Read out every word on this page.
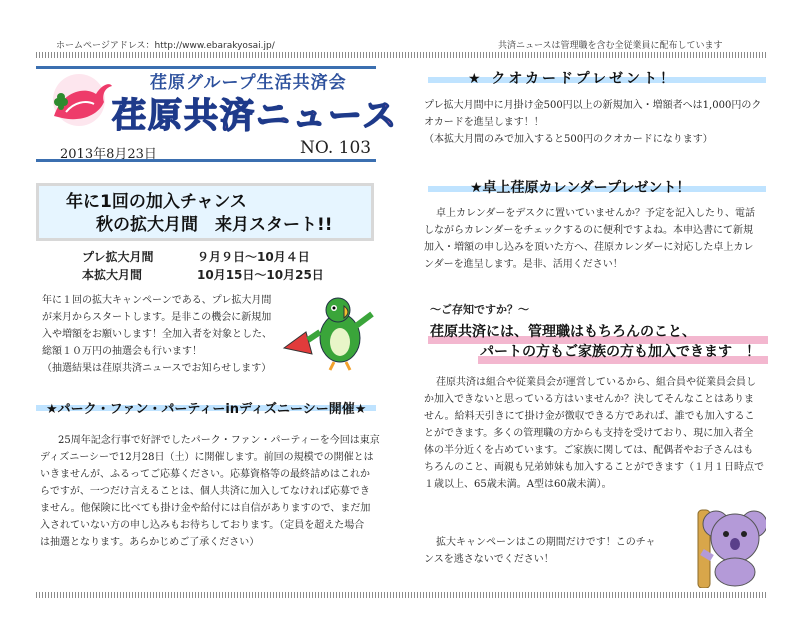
ホームページアドレス：http://www.ebarakyosai.jp/	共済ニュースは管理職を含む全従業員に配布しています
荏原グループ生活共済会
荏原共済ニュース
2013年8月23日	NO. 103
年に1回の加入チャンス
秋の拡大月間　来月スタート!!
プレ拡大月間	９月９日～10月４日
本拡大月間	10月15日～10月25日
年に１回の拡大キャンペーンである、プレ拡大月間
が来月からスタートします。是非この機会に新規加
入や増額をお願いします！全加入者を対象とした、
総額１０万円の抽選会も行います！
（抽選結果は荏原共済ニュースでお知らせします）
★パーク・ファン・パーティーinディズニーシー開催★
25周年記念行事で好評でしたパーク・ファン・パーティーを今回は東京
ディズニーシーで12月28日（土）に開催します。前回の規模での開催とは
いきませんが、ふるってご応募ください。応募資格等の最終詰めはこれか
らですが、一つだけ言えることは、個人共済に加入してなければ応募でき
ません。他保険に比べても掛け金や給付には自信がありますので、まだ加
入されていない方の申し込みもお待ちしております。（定員を超えた場合
は抽選となります。あらかじめご了承ください）
★ クオカードプレゼント！
プレ拡大月間中に月掛け金500円以上の新規加入・増額者へは1,000円のク
オカードを進呈します！！
（本拡大月間のみで加入すると500円のクオカードになります）
★卓上荏原カレンダープレゼント！
卓上カレンダーをデスクに置いていませんか？予定を記入したり、電話
しながらカレンダーをチェックするのに便利ですよね。本申込書にて新規
加入・増額の申し込みを頂いた方へ、荏原カレンダーに対応した卓上カレ
ンダーを進呈します。是非、活用ください！
～ご存知ですか？～
荏原共済には、管理職はもちろんのこと、
パートの方もご家族の方も加入できます　！
荏原共済は組合や従業員会が運営しているから、組合員や従業員会員し
か加入できないと思っている方はいませんか？決してそんなことはありま
せん。給料天引きにて掛け金が徴収できる方であれば、誰でも加入するこ
とができます。多くの管理職の方からも支持を受けており、現に加入者全
体の半分近くを占めています。ご家族に関しては、配偶者やお子さんはも
ちろんのこと、両親も兄弟姉妹も加入することができます（１月１日時点で
１歳以上、65歳未満。A型は60歳未満）。
拡大キャンペーンはこの期間だけです！このチャ
ンスを逃さないでください！
